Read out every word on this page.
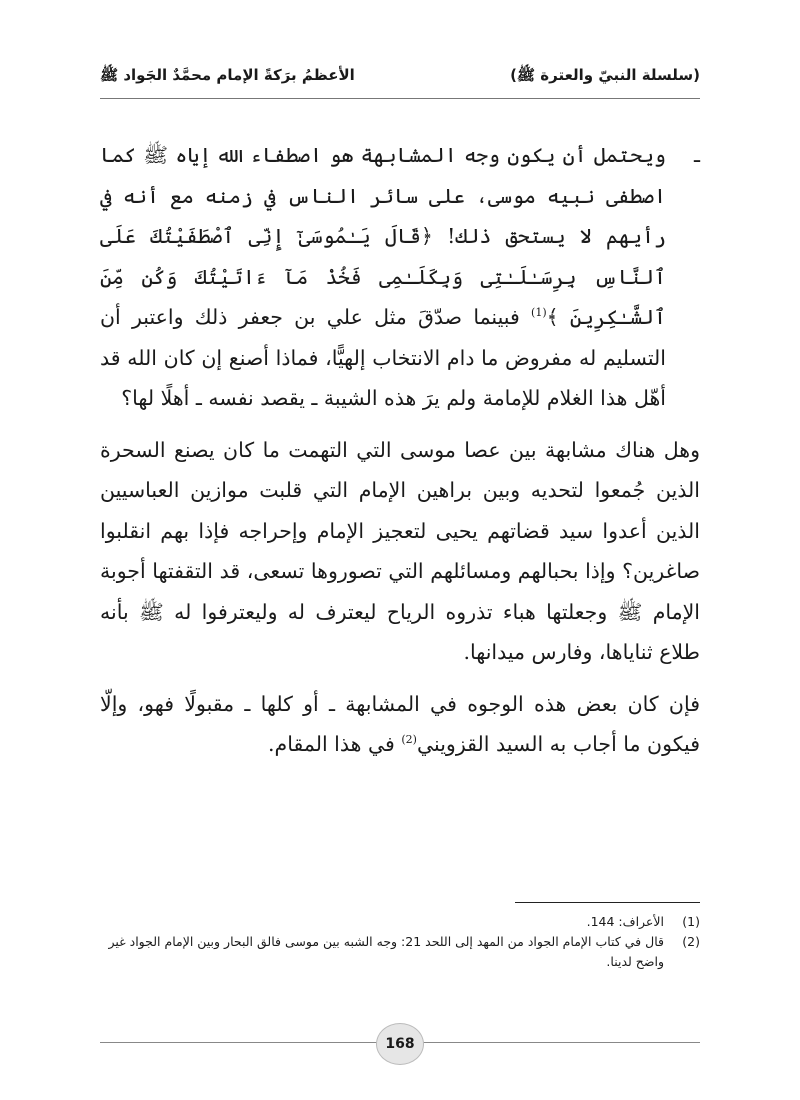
(سلسلة النبيّ والعترة ﷺ)
الأعظمُ برَكةً الإمام محمَّدٌ الجَواد ﷺ

ـ
ويحتمل أن يكون وجه المشابهة هو اصطفاء الله إياه ﷺ كما اصطفى نبيه موسى، على سائر الناس في زمنه مع أنه في رأيهم لا يستحق ذلك! ﴿قَالَ يَـٰمُوسَىٰٓ إِنِّى ٱصْطَفَيْتُكَ عَلَى ٱلنَّاسِ بِرِسَـٰلَـٰتِى وَبِكَلَـٰمِى فَخُذْ مَآ ءَاتَيْتُكَ وَكُن مِّنَ ٱلشَّـٰكِرِينَ ﴾$^{(1)}$ فبينما صدّقَ مثل علي بن جعفر ذلك واعتبر أن التسليم له مفروض ما دام الانتخاب إلهيًّا، فماذا أصنع إن كان الله قد أهّل هذا الغلام للإمامة ولم يرَ هذه الشيبة ـ يقصد نفسه ـ أهلًا لها؟

وهل هناك مشابهة بين عصا موسى التي التهمت ما كان يصنع السحرة الذين جُمعوا لتحديه وبين براهين الإمام التي قلبت موازين العباسيين الذين أعدوا سيد قضاتهم يحيى لتعجيز الإمام وإحراجه فإذا بهم انقلبوا صاغرين؟ وإذا بحبالهم ومسائلهم التي تصوروها تسعى، قد التقفتها أجوبة الإمام ﷺ وجعلتها هباء تذروه الرياح ليعترف له وليعترفوا له ﷺ بأنه طلاع ثناياها، وفارس ميدانها.

فإن كان بعض هذه الوجوه في المشابهة ـ أو كلها ـ مقبولًا فهو، وإلّا فيكون ما أجاب به السيد القزويني$^{(2)}$ في هذا المقام.

(1)
الأعراف: 144.
(2)
قال في كتاب الإمام الجواد من المهد إلى اللحد 21: وجه الشبه بين موسى فالق البحار وبين الإمام الجواد غير واضح لدينا.
168
